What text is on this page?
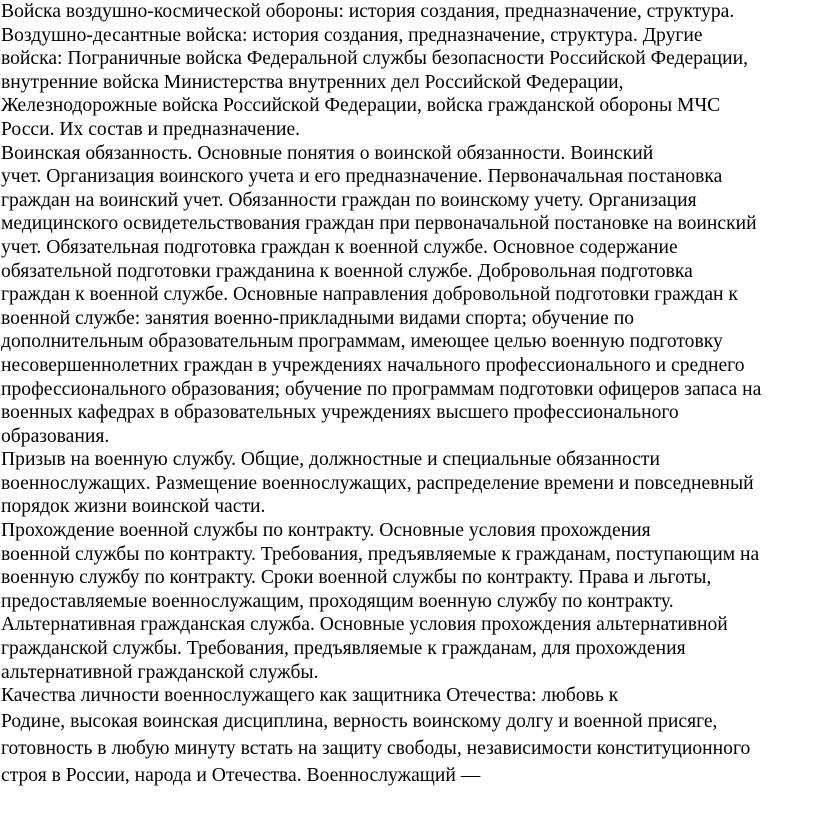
Войска воздушно-космической обороны: история создания, предназначение, структура.
Воздушно-десантные войска: история создания, предназначение, структура. Другие
войска: Пограничные войска Федеральной службы безопасности Российской Федерации,
внутренние войска Министерства внутренних дел Российской Федерации,
Железнодорожные войска Российской Федерации, войска гражданской обороны МЧС
Росси. Их состав и предназначение.
Воинская обязанность. Основные понятия о воинской обязанности. Воинский
учет. Организация воинского учета и его предназначение. Первоначальная постановка
граждан на воинский учет. Обязанности граждан по воинскому учету. Организация
медицинского освидетельствования граждан при первоначальной постановке на воинский
учет. Обязательная подготовка граждан к военной службе. Основное содержание
обязательной подготовки гражданина к военной службе. Добровольная подготовка
граждан к военной службе. Основные направления добровольной подготовки граждан к
военной службе: занятия военно-прикладными видами спорта; обучение по
дополнительным образовательным программам, имеющее целью военную подготовку
несовершеннолетних граждан в учреждениях начального профессионального и среднего
профессионального образования; обучение по программам подготовки офицеров запаса на
военных кафедрах в образовательных учреждениях высшего профессионального
образования.
Призыв на военную службу. Общие, должностные и специальные обязанности
военнослужащих. Размещение военнослужащих, распределение времени и повседневный
порядок жизни воинской части.
Прохождение военной службы по контракту. Основные условия прохождения
военной службы по контракту. Требования, предъявляемые к гражданам, поступающим на
военную службу по контракту. Сроки военной службы по контракту. Права и льготы,
предоставляемые военнослужащим, проходящим военную службу по контракту.
Альтернативная гражданская служба. Основные условия прохождения альтернативной
гражданской службы. Требования, предъявляемые к гражданам, для прохождения
альтернативной гражданской службы.
Качества личности военнослужащего как защитника Отечества: любовь к
Родине, высокая воинская дисциплина, верность воинскому долгу и военной присяге,
готовность в любую минуту встать на защиту свободы, независимости конституционного
строя в России, народа и Отечества. Военнослужащий —
